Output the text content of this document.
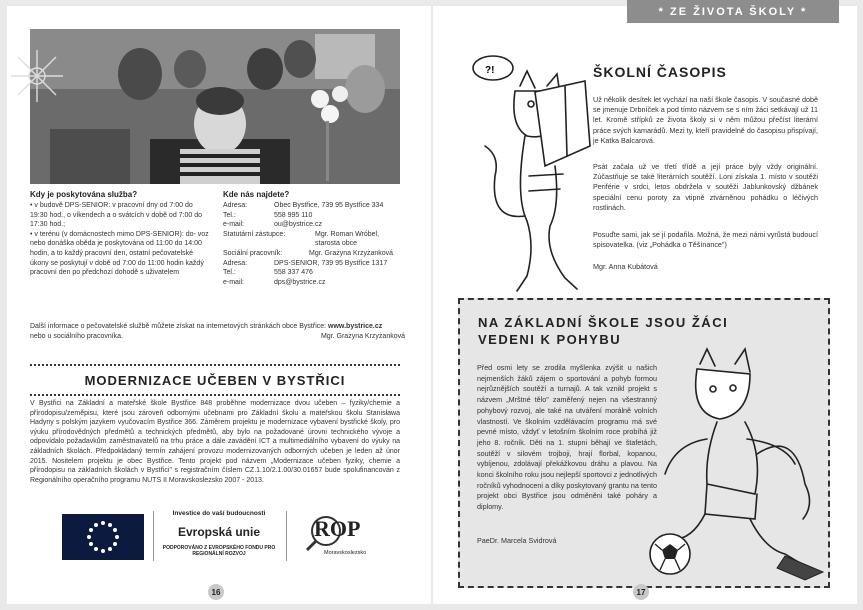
Kdy je poskytována služba?
• v budově DPS-SENIOR: v pracovní dny od 7:00 do 19:30 hod., o víkendech a o svátcích v době od 7:00 do 17:30 hod.;
• v terénu (v domácnostech mimo DPS-SENIOR): do- voz nebo donáška oběda je poskytována od 11:00 do 14:00 hodin, a to každý pracovní den, ostatní pečovatelské úkony se poskytují v době od 7:00 do 11:00 hodin každý pracovní den po předchozí dohodě s uživatelem
Kde nás najdete?
Adresa:	Obec Bystřice, 739 95 Bystřice 334
Tel.:	558 995 110
e-mail:	ou@bystrice.cz
Statutární zástupce:	Mgr. Roman Wróbel,
starosta obce
Sociální pracovník:	Mgr. Grażyna Krzyżanková
Adresa:	DPS-SENIOR, 739 95 Bystřice 1317
Tel.:	558 337 476
e-mail:	dps@bystrice.cz
Další informace o pečovatelské službě můžete získat na internetových stránkách obce Bystřice: www.bystrice.cz
nebo u sociálního pracovníka.	Mgr. Grażyna Krzyżanková
MODERNIZACE UČEBEN V BYSTŘICI
V Bystřici na Základní a mateřské škole Bystřice 848 proběhne modernizace dvou učeben – fyziky/chemie a přírodopisu/zeměpisu, které jsou zároveň odbornými učebnami pro Základní školu a mateřskou školu Stanisława Hadyny s polským jazykem vyučovacím Bystřice 366. Záměrem projektu je modernizace vybavení bystřické školy, pro výuku přírodovědných předmětů a technických předmětů, aby bylo na požadované úrovni technického vývoje a odpovídalo požadavkům zaměstnavatelů na trhu práce a dále zavádění ICT a multimediálního vybavení do výuky na základních školách. Předpokládaný termín zahájení provozu modernizovaných odborných učeben je leden až únor 2015. Nositelem projektu je obec Bystřice. Tento projekt pod názvem „Modernizace učeben fyziky, chemie a přírodopisu na základních školách v Bystřici" s registračním číslem CZ.1.10/2.1.00/30.01657 bude spolufinancován z Regionálního operačního programu NUTS II Moravskoslezsko 2007 - 2013.
Investice do vaší budoucnosti
Evropská unie
PODPOROVÁNO Z EVROPSKÉHO FONDU PRO REGIONÁLNÍ ROZVOJ
ROP
Moravskoslezsko
16
* ZE ŽIVOTA ŠKOLY *
?!	ŠKOLNÍ ČASOPIS
Už několik desítek let vychází na naší škole časopis. V současné době se jmenuje Drbníček a pod tímto názvem se s ním žáci setkávají už 11 let. Kromě střípků ze života školy si v něm můžou přečíst literární práce svých kamarádů. Mezi ty, kteří pravidelně do časopisu přispívají, je Katka Balcarová.
Psát začala už ve třetí třídě a její práce byly vždy originální. Zúčastňuje se také literárních soutěží. Loni získala 1. místo v soutěži Periférie v srdci, letos obdržela v soutěži Jablunkovský džbánek speciální cenu poroty za vtipně ztvárněnou pohádku o léčivých rostlinách.
Posuďte sami, jak se jí podařila. Možná, že mezi námi vyrůstá budoucí spisovatelka. (viz „Pohádka o Těšínance")
Mgr. Anna Kubátová
NA ZÁKLADNÍ ŠKOLE JSOU ŽÁCI
VEDENI K POHYBU
Před osmi lety se zrodila myšlenka zvýšit u našich nejmenších žáků zájem o sportování a pohyb formou nejrůznějších soutěží a turnajů. A tak vznikl projekt s názvem „Mrštné tělo" zaměřený nejen na všestranný pohybový rozvoj, ale také na utváření morálně volních vlastností. Ve školním vzdělávacím programu má své pevné místo, vždyť v letošním školním roce probíhá již jeho 8. ročník. Děti na 1. stupni běhají ve štafetách, soutěží v silovém trojboji, hrají florbal, kopanou, vybíjenou, zdolávají překážkovou dráhu a plavou. Na konci školního roku jsou nejlepší sportovci z jednotlivých ročníků vyhodnoceni a díky poskytovaný grantu na tento projekt obci Bystřice jsou odměněni také poháry a diplomy.
PaeDr. Marcela Svidrová
17
